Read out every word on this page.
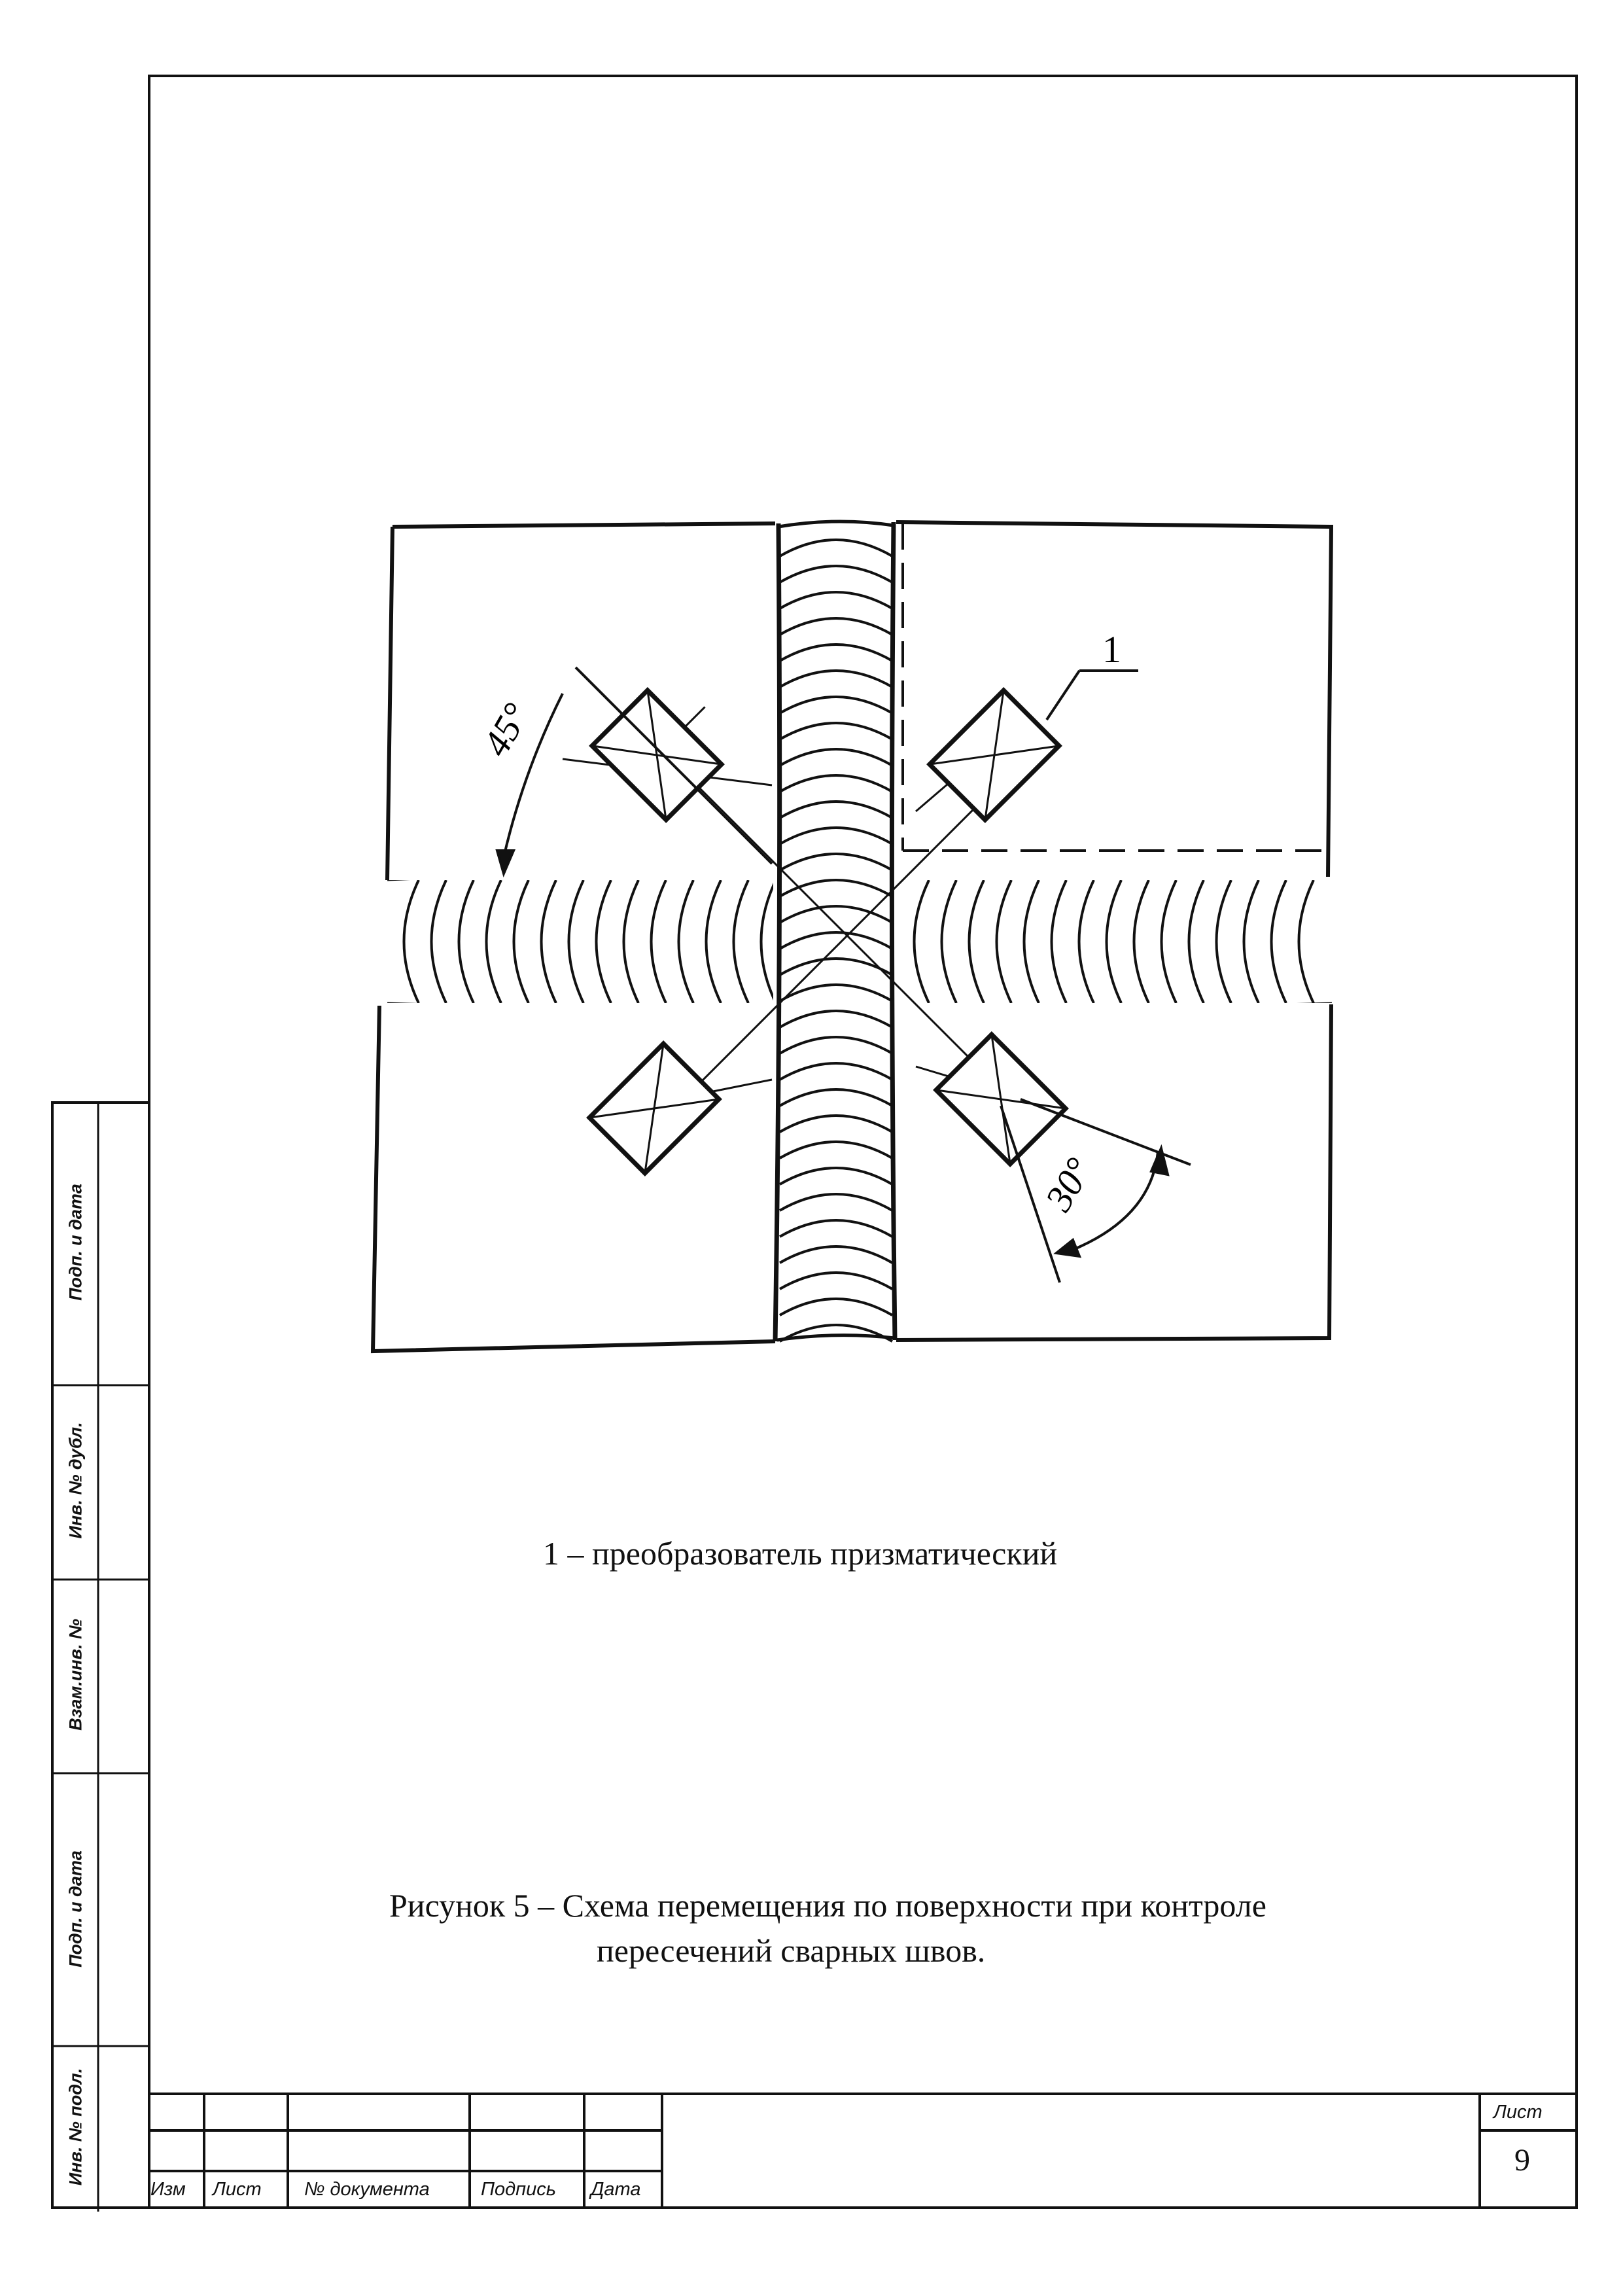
Подп. и дата
Инв. № дубл.
Взам.инв. №
Подп. и дата
Инв. № подл.
45°
30°
1
1 – преобразователь призматический
Рисунок 5 – Схема перемещения по поверхности при контроле
пересечений сварных швов.
Изм Лист № документа	Подпись Дата
Лист
9
